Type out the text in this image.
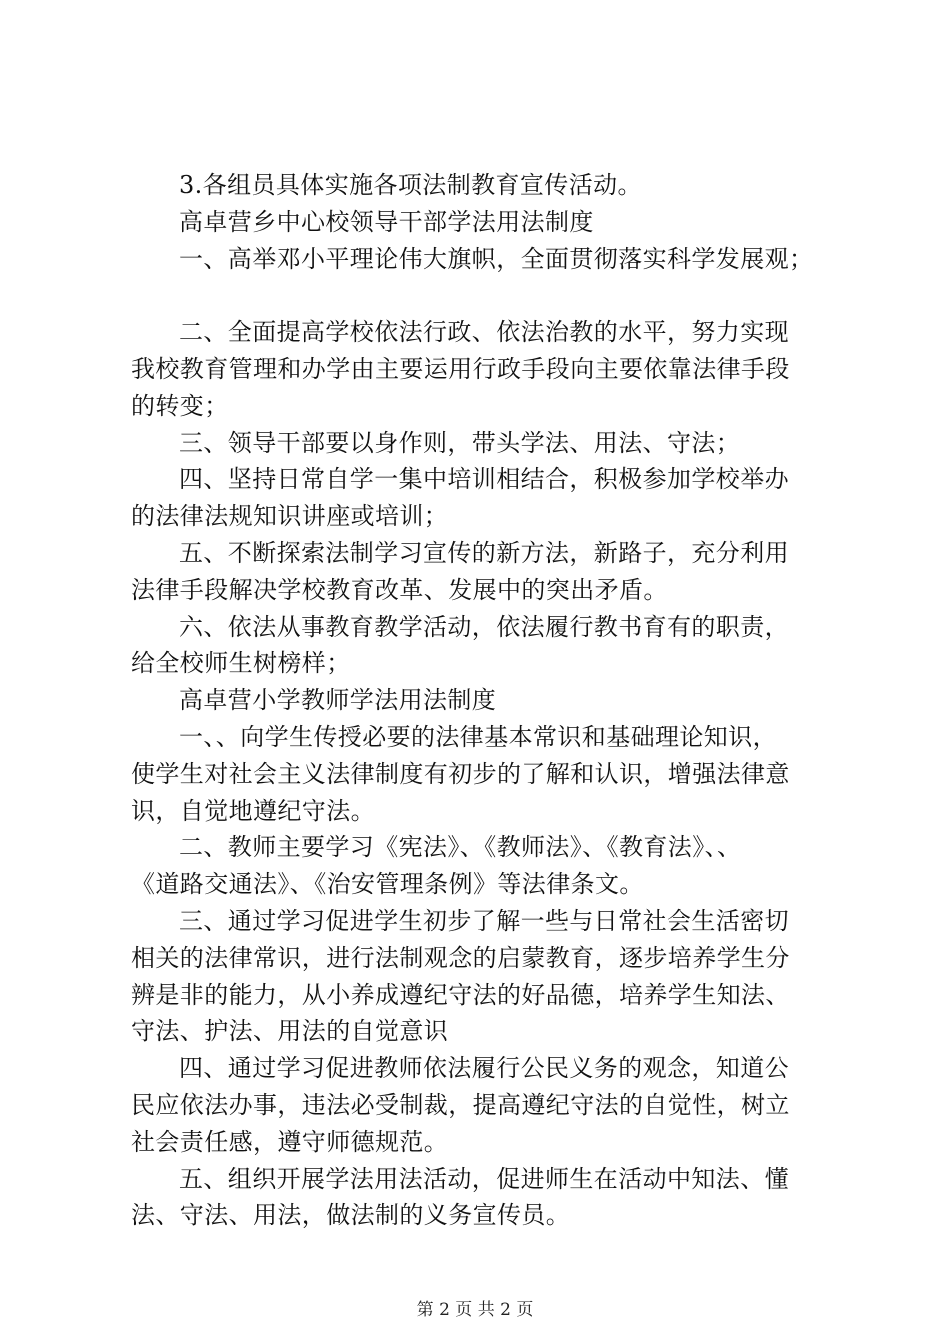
3.各组员具体实施各项法制教育宣传活动。
高卓营乡中心校领导干部学法用法制度
一、高举邓小平理论伟大旗帜，全面贯彻落实科学发展观；
二、全面提高学校依法行政、依法治教的水平，努力实现
我校教育管理和办学由主要运用行政手段向主要依靠法律手段
的转变；
三、领导干部要以身作则，带头学法、用法、守法；
四、坚持日常自学一集中培训相结合，积极参加学校举办
的法律法规知识讲座或培训；
五、不断探索法制学习宣传的新方法，新路子，充分利用
法律手段解决学校教育改革、发展中的突出矛盾。
六、依法从事教育教学活动，依法履行教书育有的职责，
给全校师生树榜样；
高卓营小学教师学法用法制度
一、、向学生传授必要的法律基本常识和基础理论知识，
使学生对社会主义法律制度有初步的了解和认识，增强法律意
识，自觉地遵纪守法。
二、教师主要学习《宪法》、《教师法》、《教育法》、、
《道路交通法》、《治安管理条例》等法律条文。
三、通过学习促进学生初步了解一些与日常社会生活密切
相关的法律常识，进行法制观念的启蒙教育，逐步培养学生分
辨是非的能力，从小养成遵纪守法的好品德，培养学生知法、
守法、护法、用法的自觉意识
四、通过学习促进教师依法履行公民义务的观念，知道公
民应依法办事，违法必受制裁，提高遵纪守法的自觉性，树立
社会责任感，遵守师德规范。
五、组织开展学法用法活动，促进师生在活动中知法、懂
法、守法、用法，做法制的义务宣传员。
第 2 页 共 2 页
